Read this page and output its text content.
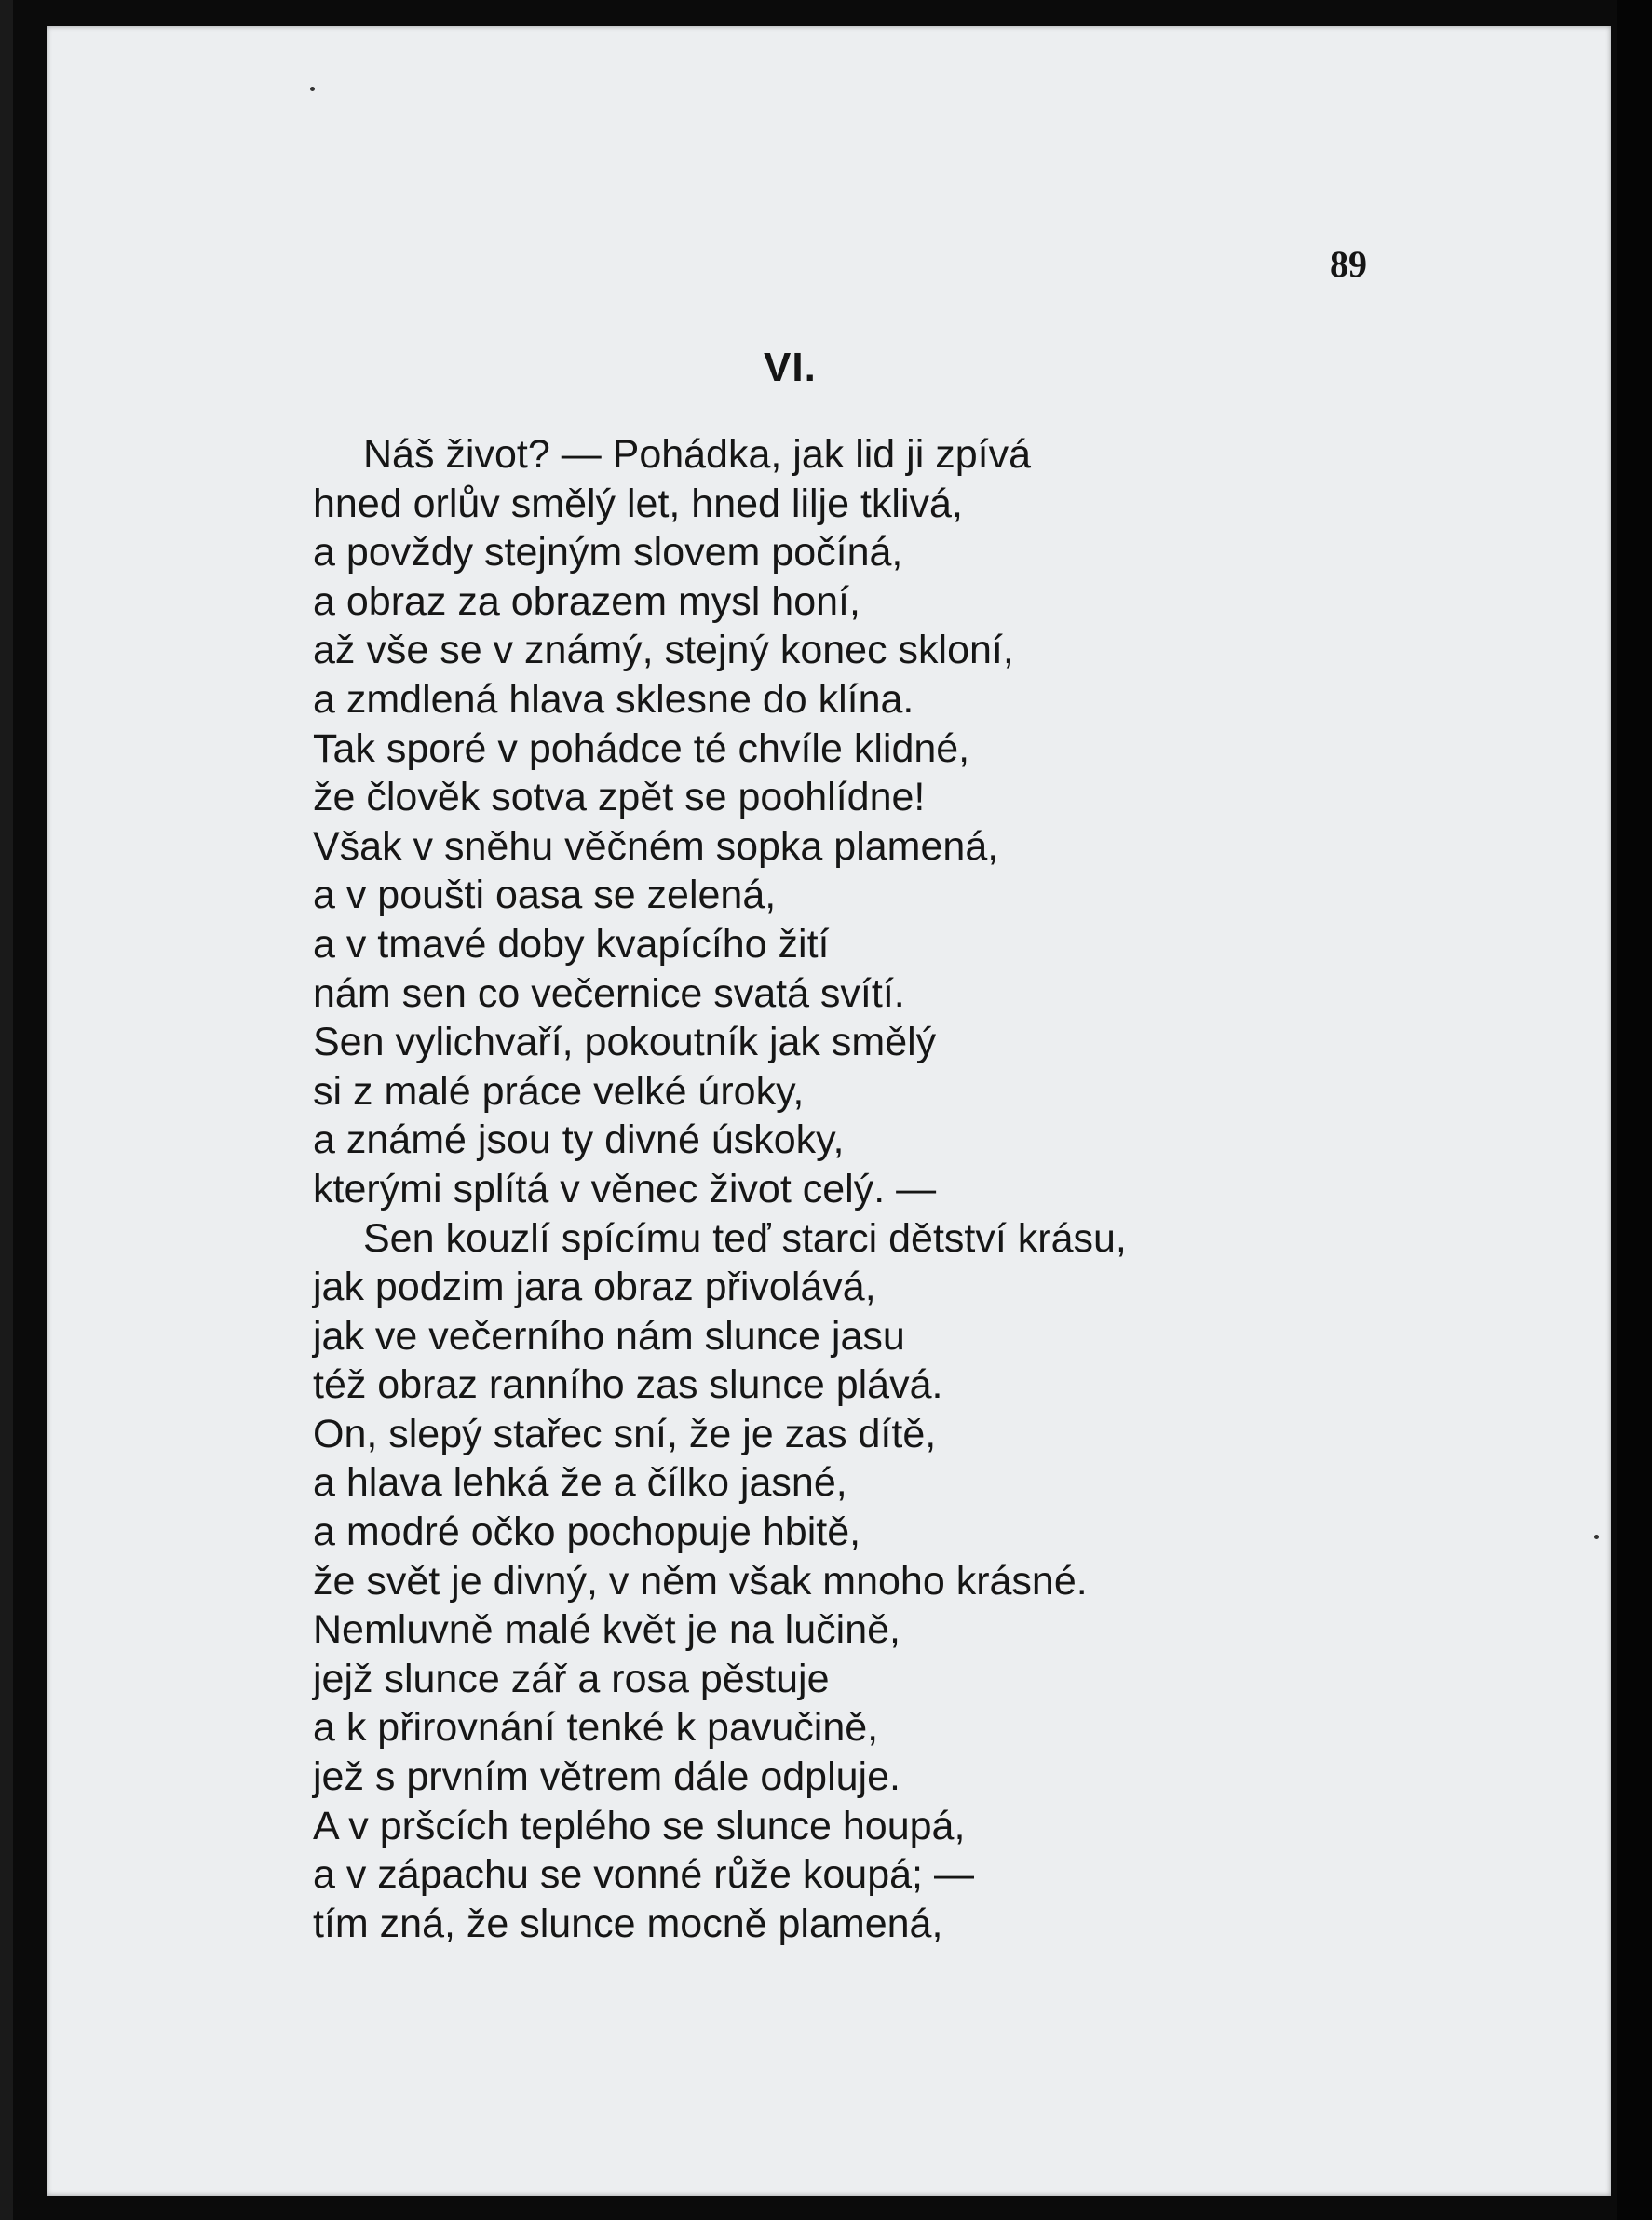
89
VI.
Náš život? — Pohádka, jak lid ji zpívá
hned orlův smělý let, hned lilje tklivá,
a povždy stejným slovem počíná,
a obraz za obrazem mysl honí,
až vše se v známý, stejný konec skloní,
a zmdlená hlava sklesne do klína.
Tak sporé v pohádce té chvíle klidné,
že člověk sotva zpět se poohlídne!
Však v sněhu věčném sopka plamená,
a v poušti oasa se zelená,
a v tmavé doby kvapícího žití
nám sen co večernice svatá svítí.
Sen vylichvaří, pokoutník jak smělý
si z malé práce velké úroky,
a známé jsou ty divné úskoky,
kterými splítá v věnec život celý. —
Sen kouzlí spícímu teď starci dětství krásu,
jak podzim jara obraz přivolává,
jak ve večerního nám slunce jasu
též obraz ranního zas slunce plává.
On, slepý stařec sní, že je zas dítě,
a hlava lehká že a čílko jasné,
a modré očko pochopuje hbitě,
že svět je divný, v něm však mnoho krásné.
Nemluvně malé květ je na lučině,
jejž slunce zář a rosa pěstuje
a k přirovnání tenké k pavučině,
jež s prvním větrem dále odpluje.
A v pršcích teplého se slunce houpá,
a v zápachu se vonné růže koupá; —
tím zná, že slunce mocně plamená,
